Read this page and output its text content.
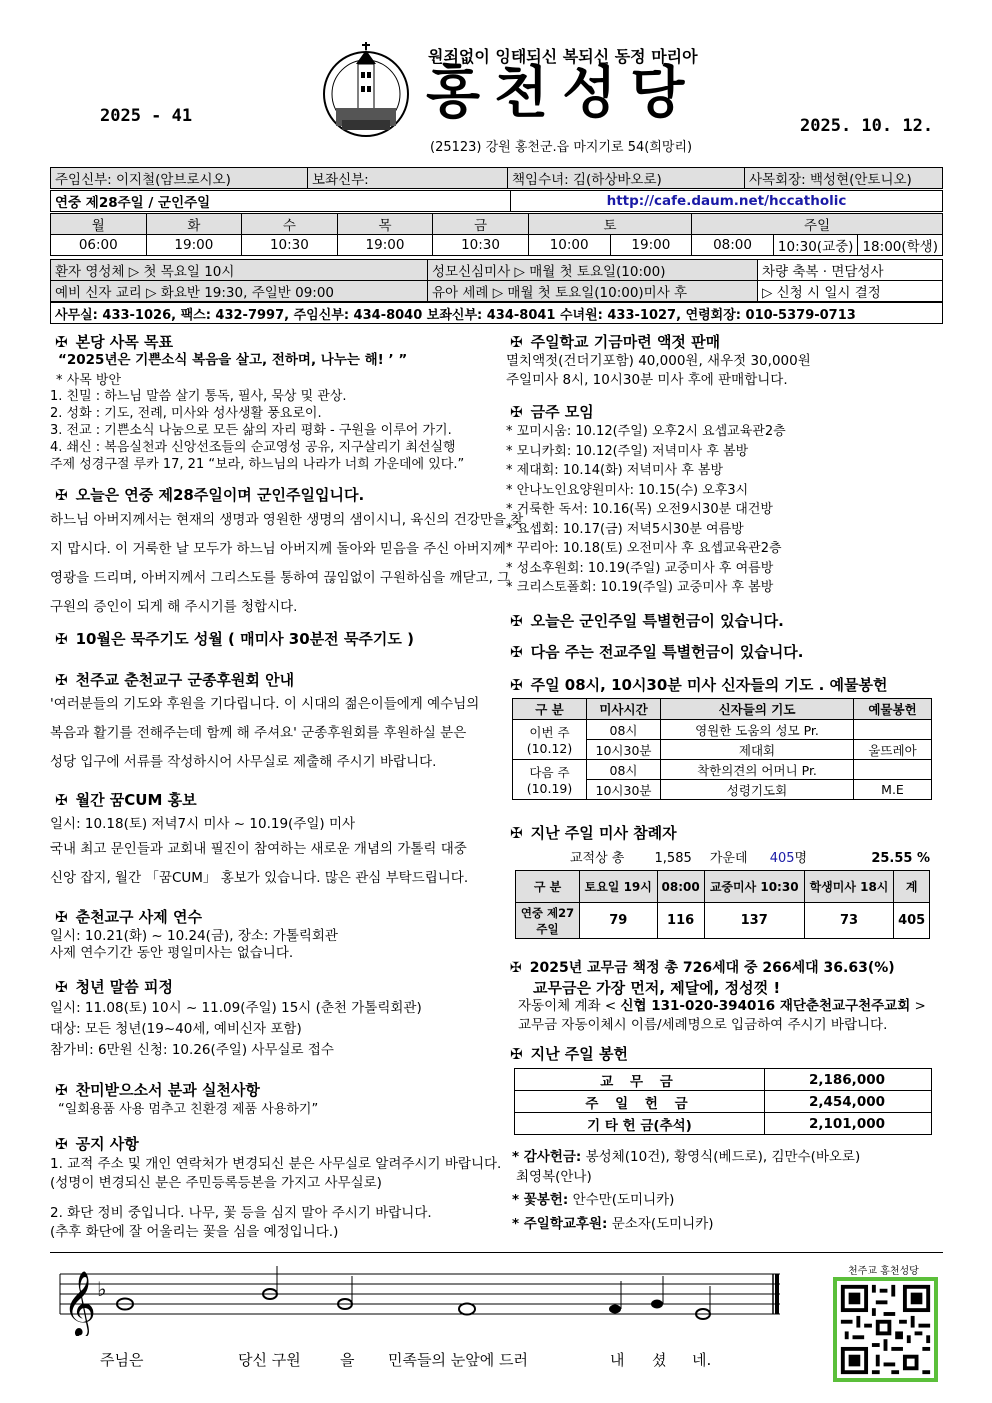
2025 - 41
원죄없이 잉태되신 복되신 동정 마리아
홍천성당
(25123) 강원 홍천군.읍 마지기로 54(희망리)
2025. 10. 12.
주임신부: 이지철(암브로시오)	보좌신부:	책임수녀: 김(하상바오로)	사목회장: 백성현(안토니오)
연중 제28주일 / 군인주일	http://cafe.daum.net/hccatholic
월	화	수	목	금	토		주일		
06:00	19:00	10:30	19:00	10:30	10:00	19:00	08:00	10:30(교중)	18:00(학생)
환자 영성체 ▷ 첫 목요일 10시	성모신심미사 ▷ 매월 첫 토요일(10:00)	차량 축복 · 면담성사
예비 신자 교리 ▷ 화요반 19:30, 주일반 09:00	유아 세례 ▷ 매월 첫 토요일(10:00)미사 후	▷ 신청 시 일시 결정
사무실: 433-1026, 팩스: 432-7997, 주임신부: 434-8040 보좌신부: 434-8041 수녀원: 433-1027, 연령회장: 010-5379-0713
✠ 본당 사목 목표
“2025년은 기쁜소식 복음을 살고, 전하며, 나누는 해! ’ ”
* 사목 방안
1. 친밀 : 하느님 말씀 살기 통독, 필사, 묵상 및 관상.
2. 성화 : 기도, 전례, 미사와 성사생활 풍요로이.
3. 전교 : 기쁜소식 나눔으로 모든 삶의 자리 평화 - 구원을 이루어 가기.
4. 쇄신 : 복음실천과 신앙선조들의 순교영성 공유, 지구살리기 최선실행
주제 성경구절 루카 17, 21 “보라, 하느님의 나라가 너희 가운데에 있다.”
✠ 오늘은 연중 제28주일이며 군인주일입니다.
하느님 아버지께서는 현재의 생명과 영원한 생명의 샘이시니, 육신의 건강만을 찾
지 맙시다. 이 거룩한 날 모두가 하느님 아버지께 돌아와 믿음을 주신 아버지께
영광을 드리며, 아버지께서 그리스도를 통하여 끊임없이 구원하심을 깨닫고, 그
구원의 증인이 되게 해 주시기를 청합시다.
✠ 10월은 묵주기도 성월 ( 매미사 30분전 묵주기도 )
✠ 천주교 춘천교구 군종후원회 안내
'여러분들의 기도와 후원을 기다립니다. 이 시대의 젊은이들에게 예수님의
복음과 활기를 전해주는데 함께 해 주셔요' 군종후원회를 후원하실 분은
성당 입구에 서류를 작성하시어 사무실로 제출해 주시기 바랍니다.
✠ 월간 꿈CUM 홍보
일시: 10.18(토) 저녁7시 미사 ~ 10.19(주일) 미사
국내 최고 문인들과 교회내 필진이 참여하는 새로운 개념의 가톨릭 대중
신앙 잡지, 월간 「꿈CUM」 홍보가 있습니다. 많은 관심 부탁드립니다.
✠ 춘천교구 사제 연수
일시: 10.21(화) ~ 10.24(금), 장소: 가톨릭회관
사제 연수기간 동안 평일미사는 없습니다.
✠ 청년 말씀 피정
일시: 11.08(토) 10시 ~ 11.09(주일) 15시 (춘천 가톨릭회관)
대상: 모든 청년(19~40세, 예비신자 포함)
참가비: 6만원 신청: 10.26(주일) 사무실로 접수
✠ 찬미받으소서 분과 실천사항
“일회용품 사용 멈추고 친환경 제품 사용하기”
✠ 공지 사항
1. 교적 주소 및 개인 연락처가 변경되신 분은 사무실로 알려주시기 바랍니다.
(성명이 변경되신 분은 주민등록등본을 가지고 사무실로)
2. 화단 정비 중입니다. 나무, 꽃 등을 심지 말아 주시기 바랍니다.
(추후 화단에 잘 어울리는 꽃을 심을 예정입니다.)
✠ 주일학교 기금마련 액젓 판매
멸치액젓(건더기포함) 40,000원, 새우젓 30,000원
주일미사 8시, 10시30분 미사 후에 판매합니다.
✠ 금주 모임
* 꼬미시움: 10.12(주일) 오후2시 요셉교육관2층
* 모니카회: 10.12(주일) 저녁미사 후 봄방
* 제대회: 10.14(화) 저녁미사 후 봄방
* 안나노인요양원미사: 10.15(수) 오후3시
* 거룩한 독서: 10.16(목) 오전9시30분 대건방
* 요셉회: 10.17(금) 저녁5시30분 여름방
* 꾸리아: 10.18(토) 오전미사 후 요셉교육관2층
* 성소후원회: 10.19(주일) 교중미사 후 여름방
* 크리스토폴회: 10.19(주일) 교중미사 후 봄방
✠ 오늘은 군인주일 특별헌금이 있습니다.
✠ 다음 주는 전교주일 특별헌금이 있습니다.
✠ 주일 08시, 10시30분 미사 신자들의 기도 . 예물봉헌
구 분	미사시간	신자들의 기도	예물봉헌

이번 주
(10.12)	08시	영원한 도움의 성모 Pr.	
	10시30분	제대회	울뜨레아

다음 주
(10.19)	08시	착한의견의 어머니 Pr.	
	10시30분	성령기도회	M.E
✠ 지난 주일 미사 참례자
교적상 총 1,585 가운데 405명	25.55 %
구 분	토요일 19시	08:00	교중미사 10:30	학생미사 18시	계
연중 제27주일	79	116	137	73	405
✠ 2025년 교무금 책정 총 726세대 중 266세대 36.63(%)
교무금은 가장 먼저, 제달에, 정성껏 !
자동이체 계좌 < 신협 131-020-394016 재단춘천교구천주교회 >
교무금 자동이체시 이름/세례명으로 입금하여 주시기 바랍니다.
✠ 지난 주일 봉헌
교 무 금	2,186,000
주 일 헌 금	2,454,000
기 타 헌 금(추석)	2,101,000
* 감사헌금: 봉성체(10건), 황영식(베드로), 김만수(바오로)
최영복(안나)
* 꽃봉헌: 안수만(도미니카)
* 주일학교후원: 문소자(도미니카)
𝄞 ♭
주님은	당신 구원	을 민족들의 눈앞에 드러	내 셨 네.
천주교 홍천성당
